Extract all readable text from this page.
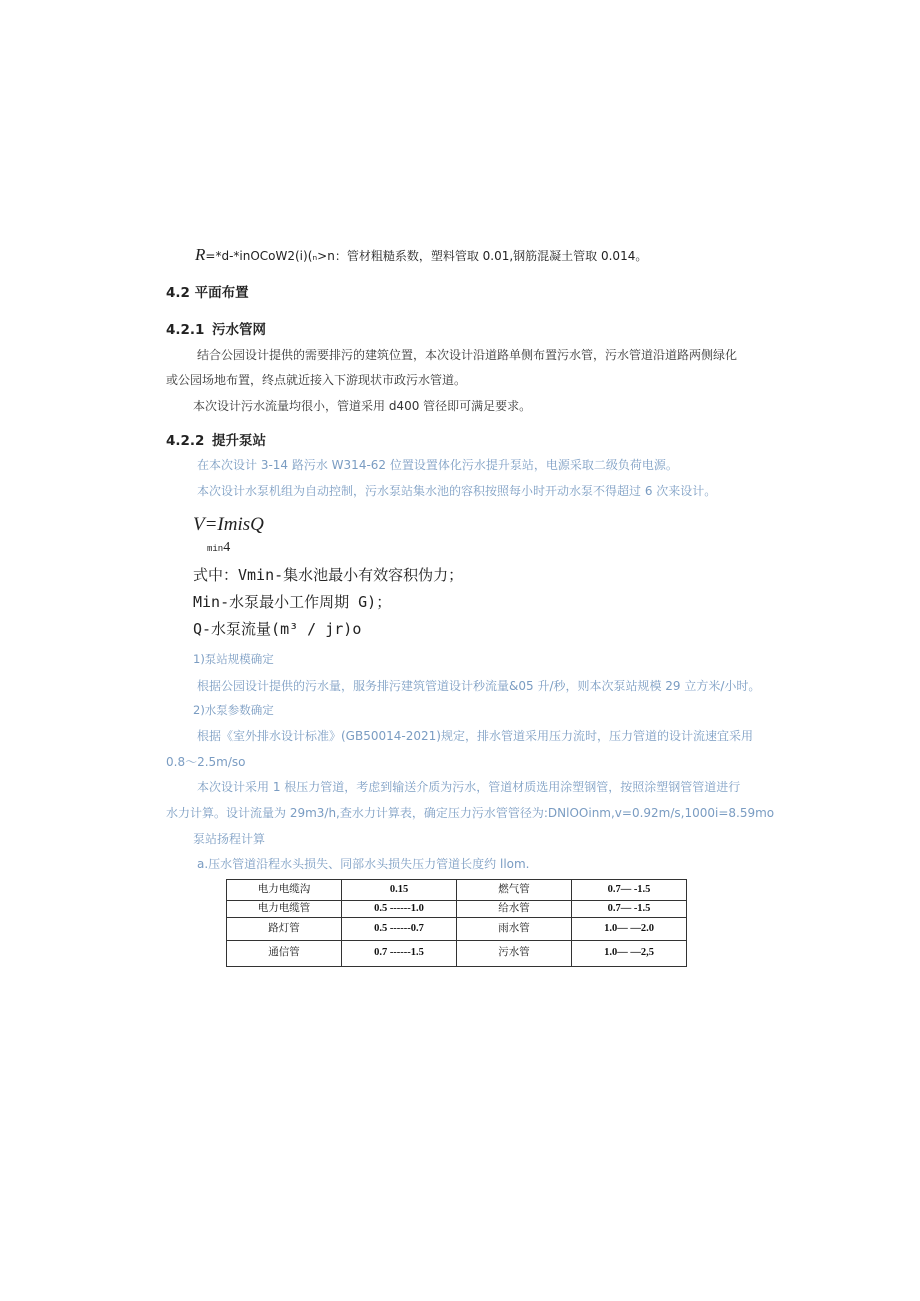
R=*d-*inOCoW2(i)(ₙ>n：管材粗糙系数，塑料管取 0.01,钢筋混凝土管取 0.014。
4.2 平面布置
4.2.1 污水管网
结合公园设计提供的需要排污的建筑位置，本次设计沿道路单侧布置污水管，污水管道沿道路两侧绿化
或公园场地布置，终点就近接入下游现状市政污水管道。
本次设计污水流量均很小，管道采用 d400 管径即可满足要求。
4.2.2 提升泵站
在本次设计 3-14 路污水 W314-62 位置设置体化污水提升泵站，电源采取二级负荷电源。
本次设计水泵机组为自动控制，污水泵站集水池的容积按照每小时开动水泵不得超过 6 次来设计。
V=ImisQ
min4
式中：Vmin-集水池最小有效容积伪力；
Min-水泵最小工作周期 G)；
Q-水泵流量(m³ / jr)o
1)泵站规模确定
根据公园设计提供的污水量，服务排污建筑管道设计秒流量&05 升/秒，则本次泵站规模 29 立方米/小时。
2)水泵参数确定
根据《室外排水设计标准》(GB50014-2021)规定，排水管道采用压力流时，压力管道的设计流速宜采用
0.8～2.5m/so
本次设计采用 1 根压力管道，考虑到输送介质为污水，管道材质选用涂塑钢管，按照涂塑钢管管道进行
水力计算。设计流量为 29m3/h,查水力计算表，确定压力污水管管径为:DNlOOinm,v=0.92m/s,1000i=8.59mo
泵站扬程计算
a.压水管道沿程水头损失、同部水头损失压力管道长度约 llom.
电力电缆沟	0.15	燃气管	0.7— -1.5
电力电缆管	0.5 ------1.0	给水管	0.7— -1.5
路灯管	0.5 ------0.7	雨水管	1.0— —2.0
通信管	0.7 ------1.5	污水管	1.0— —2,5
